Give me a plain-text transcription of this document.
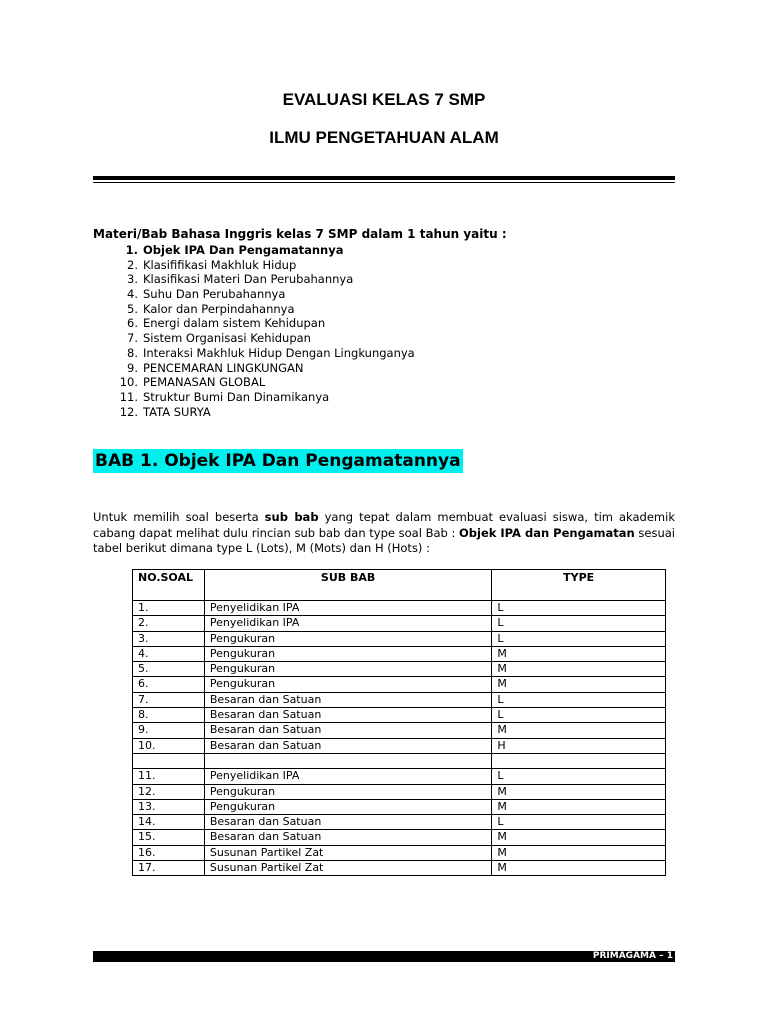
EVALUASI KELAS 7 SMP
ILMU PENGETAHUAN ALAM
Materi/Bab Bahasa Inggris kelas 7 SMP dalam 1 tahun yaitu :
1. Objek IPA Dan Pengamatannya
2. Klasififikasi Makhluk Hidup
3. Klasifikasi Materi Dan Perubahannya
4. Suhu Dan Perubahannya
5. Kalor dan Perpindahannya
6. Energi dalam sistem Kehidupan
7. Sistem Organisasi Kehidupan
8. Interaksi Makhluk Hidup Dengan Lingkunganya
9. PENCEMARAN LINGKUNGAN
10. PEMANASAN GLOBAL
11. Struktur Bumi Dan Dinamikanya
12. TATA SURYA
BAB 1. Objek IPA Dan Pengamatannya
Untuk memilih soal beserta sub bab yang tepat dalam membuat evaluasi siswa, tim akademik
cabang dapat melihat dulu rincian sub bab dan type soal Bab : Objek IPA dan Pengamatan sesuai
tabel berikut dimana type L (Lots), M (Mots) dan H (Hots) :
NO.SOAL	SUB BAB	TYPE
1.	Penyelidikan IPA	L
2.	Penyelidikan IPA	L
3.	Pengukuran	L
4.	Pengukuran	M
5.	Pengukuran	M
6.	Pengukuran	M
7.	Besaran dan Satuan	L
8.	Besaran dan Satuan	L
9.	Besaran dan Satuan	M
10.	Besaran dan Satuan	H

11.	Penyelidikan IPA	L
12.	Pengukuran	M
13.	Pengukuran	M
14.	Besaran dan Satuan	L
15.	Besaran dan Satuan	M
16.	Susunan Partikel Zat	M
17.	Susunan Partikel Zat	M
PRIMAGAMA – 1
